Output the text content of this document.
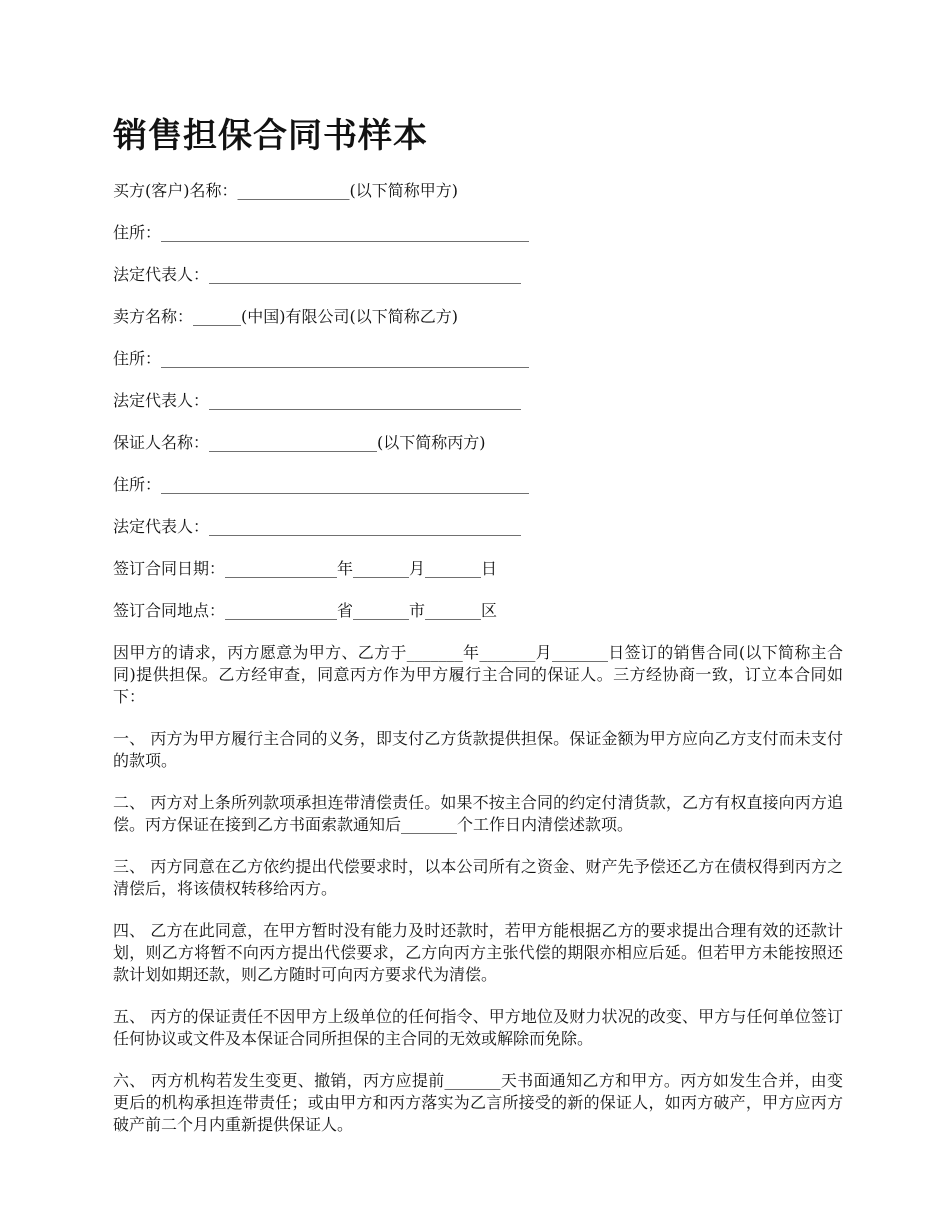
销售担保合同书样本
买方(客户)名称：______________(以下简称甲方)
住所：______________________________________________
法定代表人：_______________________________________
卖方名称：______(中国)有限公司(以下简称乙方)
住所：______________________________________________
法定代表人：_______________________________________
保证人名称：_____________________(以下简称丙方)
住所：______________________________________________
法定代表人：_______________________________________
签订合同日期：______________年_______月_______日
签订合同地点：______________省_______市_______区

因甲方的请求，丙方愿意为甲方、乙方于_______年_______月_______日签订的销售合同(以下简称主合同)提供担保。乙方经审查，同意丙方作为甲方履行主合同的保证人。三方经协商一致，订立本合同如下：

一、 丙方为甲方履行主合同的义务，即支付乙方货款提供担保。保证金额为甲方应向乙方支付而未支付的款项。

二、 丙方对上条所列款项承担连带清偿责任。如果不按主合同的约定付清货款，乙方有权直接向丙方追偿。丙方保证在接到乙方书面索款通知后_______个工作日内清偿述款项。

三、 丙方同意在乙方依约提出代偿要求时，以本公司所有之资金、财产先予偿还乙方在债权得到丙方之清偿后，将该债权转移给丙方。

四、 乙方在此同意，在甲方暂时没有能力及时还款时，若甲方能根据乙方的要求提出合理有效的还款计划，则乙方将暂不向丙方提出代偿要求，乙方向丙方主张代偿的期限亦相应后延。但若甲方未能按照还款计划如期还款，则乙方随时可向丙方要求代为清偿。

五、 丙方的保证责任不因甲方上级单位的任何指令、甲方地位及财力状况的改变、甲方与任何单位签订任何协议或文件及本保证合同所担保的主合同的无效或解除而免除。

六、 丙方机构若发生变更、撤销，丙方应提前_______天书面通知乙方和甲方。丙方如发生合并，由变更后的机构承担连带责任；或由甲方和丙方落实为乙言所接受的新的保证人，如丙方破产，甲方应丙方破产前二个月内重新提供保证人。
